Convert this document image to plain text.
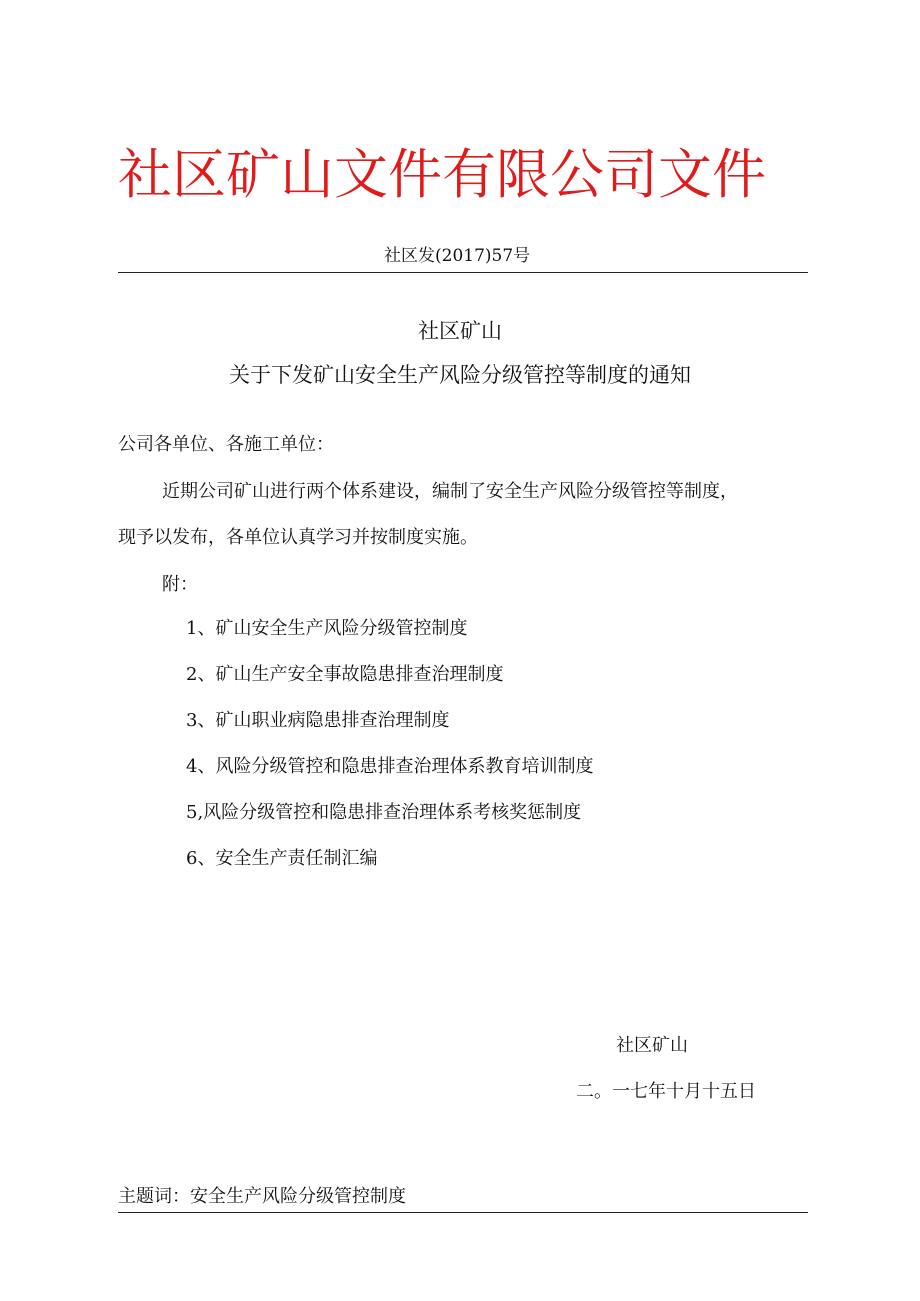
社区矿山文件有限公司文件
社区发(2017)57号
社区矿山
关于下发矿山安全生产风险分级管控等制度的通知
公司各单位、各施工单位：
近期公司矿山进行两个体系建设，编制了安全生产风险分级管控等制度，
现予以发布，各单位认真学习并按制度实施。
附：
1、矿山安全生产风险分级管控制度
2、矿山生产安全事故隐患排查治理制度
3、矿山职业病隐患排查治理制度
4、风险分级管控和隐患排查治理体系教育培训制度
5,风险分级管控和隐患排查治理体系考核奖惩制度
6、安全生产责任制汇编
社区矿山
二。一七年十月十五日
主题词：安全生产风险分级管控制度
